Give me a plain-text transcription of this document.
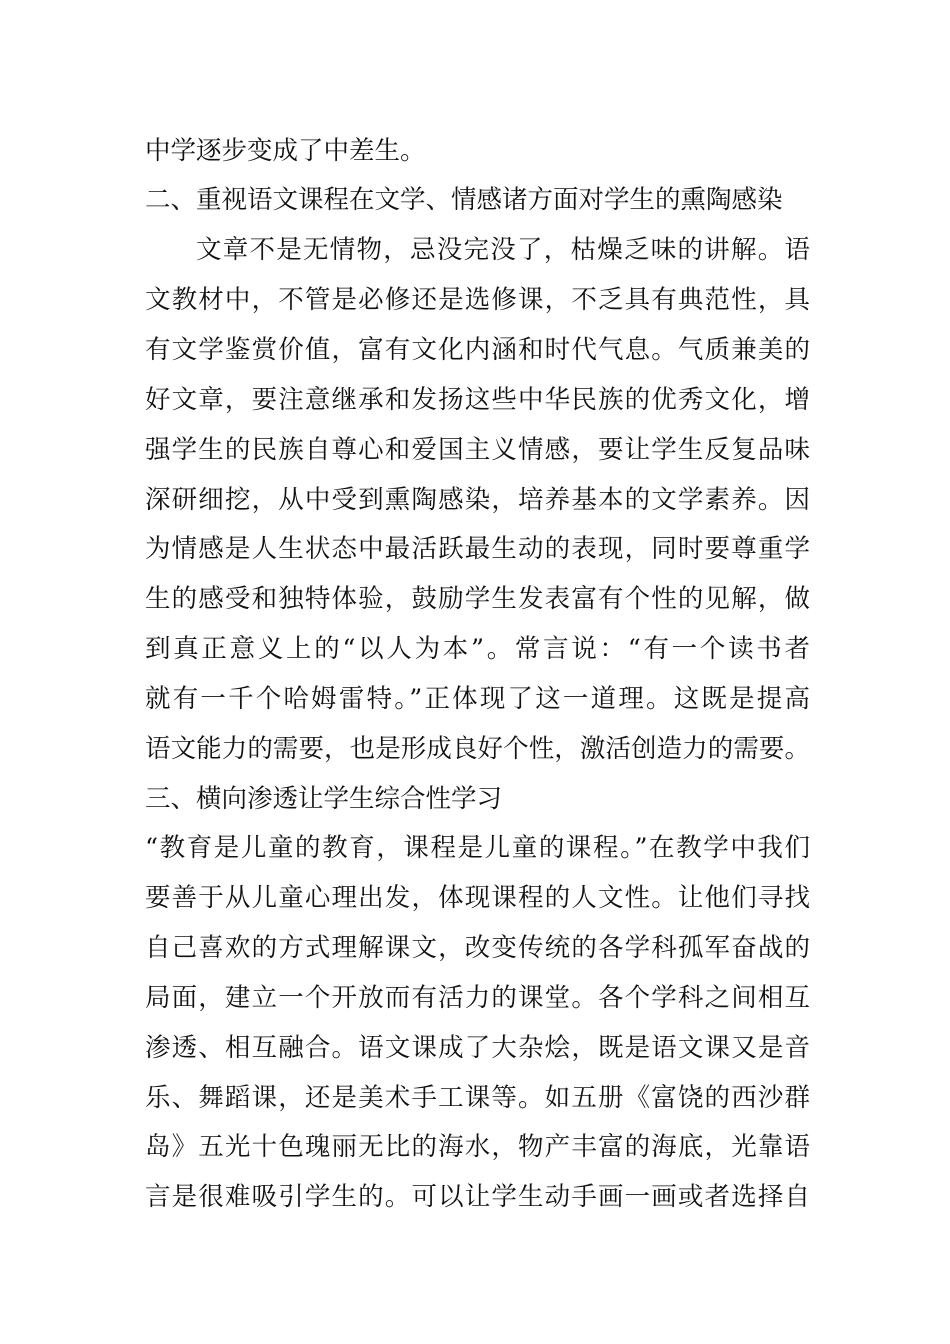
中学逐步变成了中差生。
二、重视语文课程在文学、情感诸方面对学生的熏陶感染
文章不是无情物，忌没完没了，枯燥乏味的讲解。语
文教材中，不管是必修还是选修课，不乏具有典范性，具
有文学鉴赏价值，富有文化内涵和时代气息。气质兼美的
好文章，要注意继承和发扬这些中华民族的优秀文化，增
强学生的民族自尊心和爱国主义情感，要让学生反复品味
深研细挖，从中受到熏陶感染，培养基本的文学素养。因
为情感是人生状态中最活跃最生动的表现，同时要尊重学
生的感受和独特体验，鼓励学生发表富有个性的见解，做
到真正意义上的“以人为本”。常言说：“有一个读书者
就有一千个哈姆雷特。”正体现了这一道理。这既是提高
语文能力的需要，也是形成良好个性，激活创造力的需要。
三、横向渗透让学生综合性学习
“教育是儿童的教育，课程是儿童的课程。”在教学中我们
要善于从儿童心理出发，体现课程的人文性。让他们寻找
自己喜欢的方式理解课文，改变传统的各学科孤军奋战的
局面，建立一个开放而有活力的课堂。各个学科之间相互
渗透、相互融合。语文课成了大杂烩，既是语文课又是音
乐、舞蹈课，还是美术手工课等。如五册《富饶的西沙群
岛》五光十色瑰丽无比的海水，物产丰富的海底，光靠语
言是很难吸引学生的。可以让学生动手画一画或者选择自
